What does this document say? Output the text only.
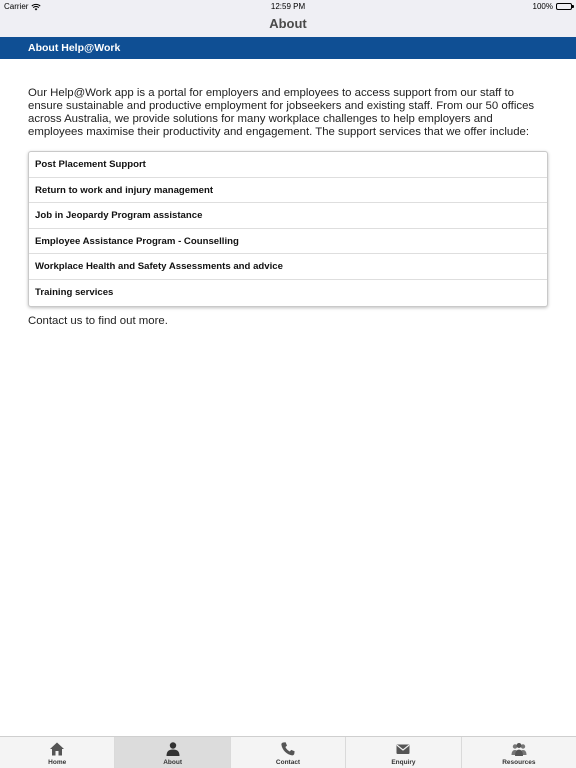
Carrier	12:59 PM	100%
About
About Help@Work

Our Help@Work app is a portal for employers and employees to access support from our staff to ensure sustainable and productive employment for jobseekers and existing staff. From our 50 offices across Australia, we provide solutions for many workplace challenges to help employers and employees maximise their productivity and engagement. The support services that we offer include:

Post Placement Support
Return to work and injury management
Job in Jeopardy Program assistance
Employee Assistance Program - Counselling
Workplace Health and Safety Assessments and advice
Training services

Contact us to find out more.

Home	About	Contact	Enquiry	Resources
